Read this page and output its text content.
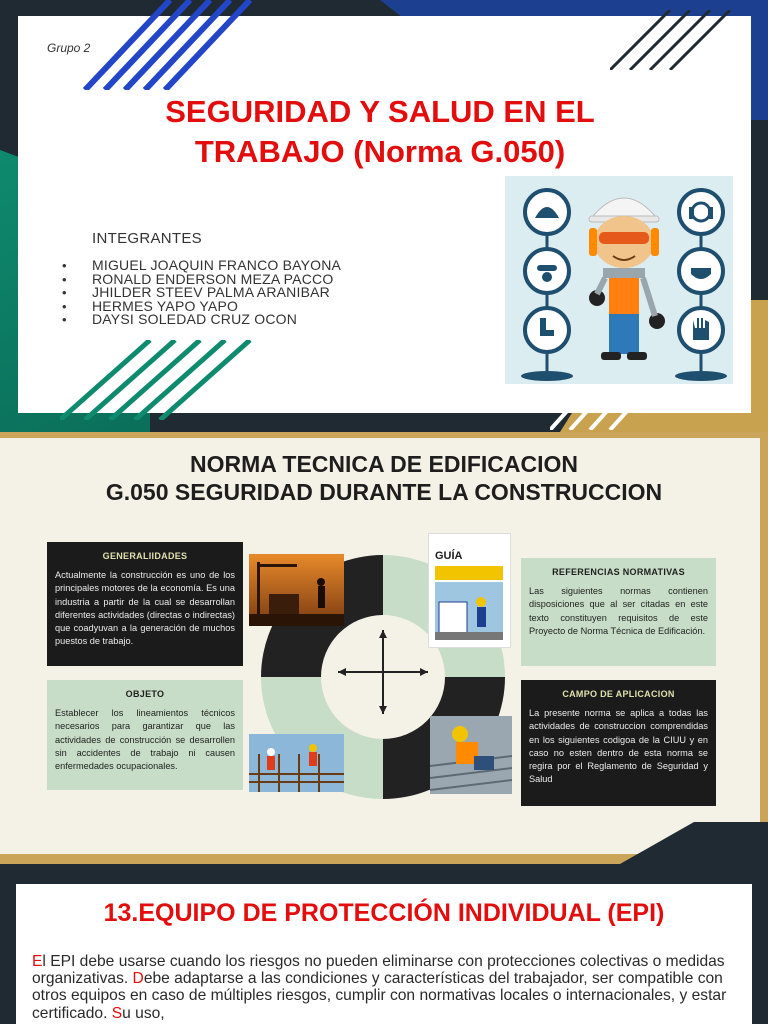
Grupo 2
SEGURIDAD Y SALUD EN EL
TRABAJO (Norma G.050)
INTEGRANTES
• MIGUEL JOAQUIN FRANCO BAYONA
• RONALD ENDERSON MEZA PACCO
• JHILDER STEEV PALMA ARANIBAR
• HERMES YAPO YAPO
• DAYSI SOLEDAD CRUZ OCON
NORMA TECNICA DE EDIFICACION
G.050 SEGURIDAD DURANTE LA CONSTRUCCION
GENERALIIDADES
Actualmente la construcción es uno de los principales motores de la economía. Es una industria a partir de la cual se desarrollan diferentes actividades (directas o indirectas) que coadyuvan a la generación de muchos puestos de trabajo.
REFERENCIAS NORMATIVAS
Las siguientes normas contienen disposiciones que al ser citadas en este texto constituyen requisitos de este Proyecto de Norma Técnica de Edificación.
OBJETO
Establecer los lineamientos técnicos necesarios para garantizar que las actividades de construcción se desarrollen sin accidentes de trabajo ni causen enfermedades ocupacionales.
CAMPO DE APLICACION
La presente norma se aplica a todas las actividades de construccion comprendidas en los siguientes codigoa de la CIUU y en caso no esten dentro de esta norma se regira por el Reglamento de Seguridad y Salud
GUÍA
13.EQUIPO DE PROTECCIÓN INDIVIDUAL (EPI)
El EPI debe usarse cuando los riesgos no pueden eliminarse con protecciones colectivas o medidas organizativas. Debe adaptarse a las condiciones y características del trabajador, ser compatible con otros equipos en caso de múltiples riesgos, cumplir con normativas locales o internacionales, y estar certificado. Su uso,
